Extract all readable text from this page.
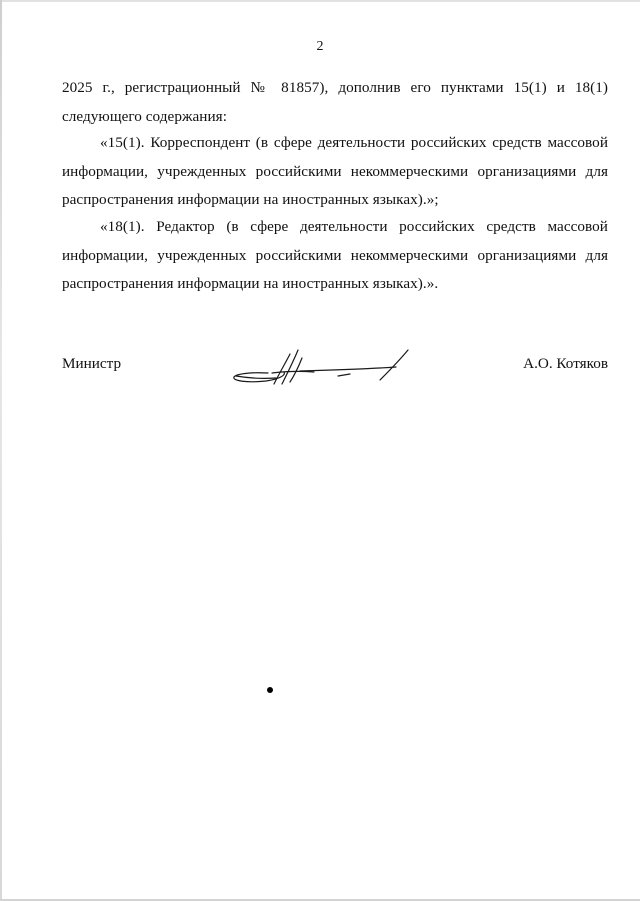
2
2025 г., регистрационный № 81857), дополнив его пунктами 15(1) и 18(1) следующего содержания:
«15(1). Корреспондент (в сфере деятельности российских средств массовой информации, учрежденных российскими некоммерческими организациями для распространения информации на иностранных языках).»;
«18(1). Редактор (в сфере деятельности российских средств массовой информации, учрежденных российскими некоммерческими организациями для распространения информации на иностранных языках).».
Министр	А.О. Котяков
